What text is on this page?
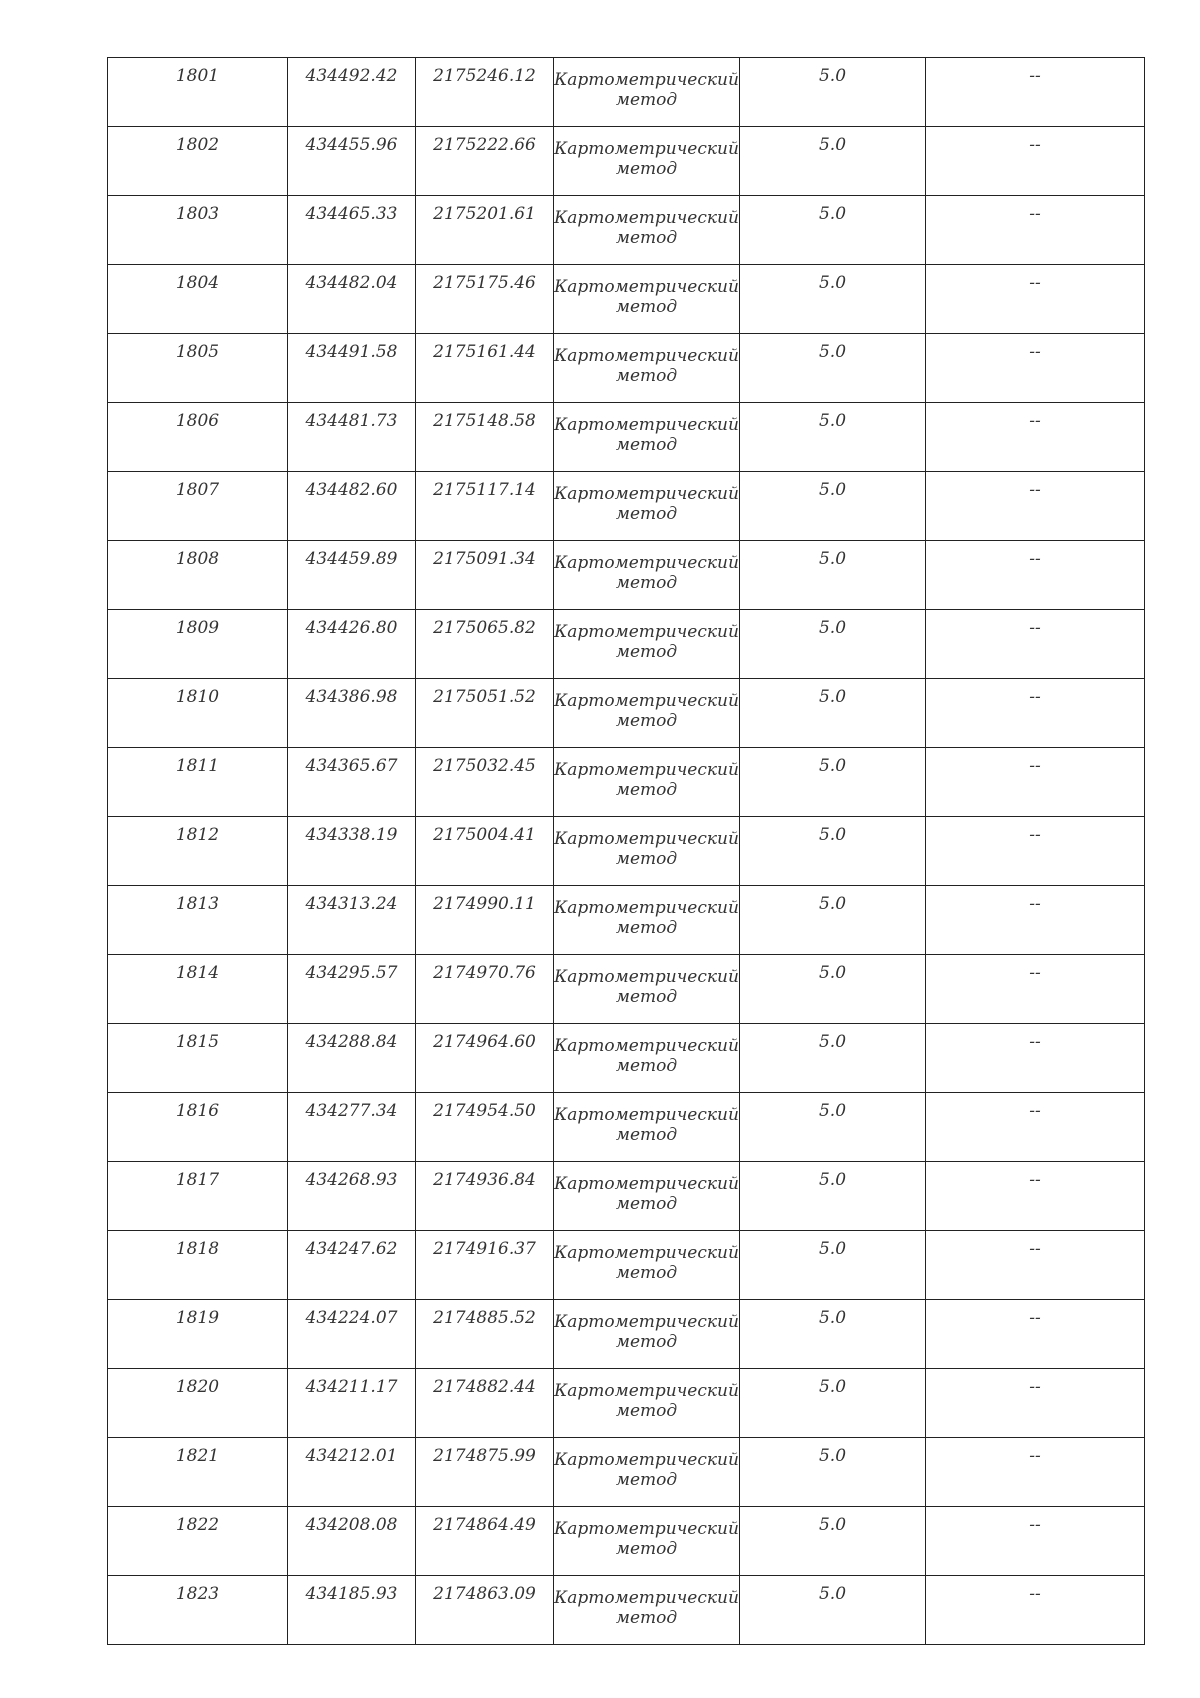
1801	434492.42	2175246.12	Картометрический
метод	5.0	--

1802	434455.96	2175222.66	Картометрический
метод	5.0	--

1803	434465.33	2175201.61	Картометрический
метод	5.0	--

1804	434482.04	2175175.46	Картометрический
метод	5.0	--

1805	434491.58	2175161.44	Картометрический
метод	5.0	--

1806	434481.73	2175148.58	Картометрический
метод	5.0	--

1807	434482.60	2175117.14	Картометрический
метод	5.0	--

1808	434459.89	2175091.34	Картометрический
метод	5.0	--

1809	434426.80	2175065.82	Картометрический
метод	5.0	--

1810	434386.98	2175051.52	Картометрический
метод	5.0	--

1811	434365.67	2175032.45	Картометрический
метод	5.0	--

1812	434338.19	2175004.41	Картометрический
метод	5.0	--

1813	434313.24	2174990.11	Картометрический
метод	5.0	--

1814	434295.57	2174970.76	Картометрический
метод	5.0	--

1815	434288.84	2174964.60	Картометрический
метод	5.0	--

1816	434277.34	2174954.50	Картометрический
метод	5.0	--

1817	434268.93	2174936.84	Картометрический
метод	5.0	--

1818	434247.62	2174916.37	Картометрический
метод	5.0	--

1819	434224.07	2174885.52	Картометрический
метод	5.0	--

1820	434211.17	2174882.44	Картометрический
метод	5.0	--

1821	434212.01	2174875.99	Картометрический
метод	5.0	--

1822	434208.08	2174864.49	Картометрический
метод	5.0	--

1823	434185.93	2174863.09	Картометрический
метод	5.0	--
